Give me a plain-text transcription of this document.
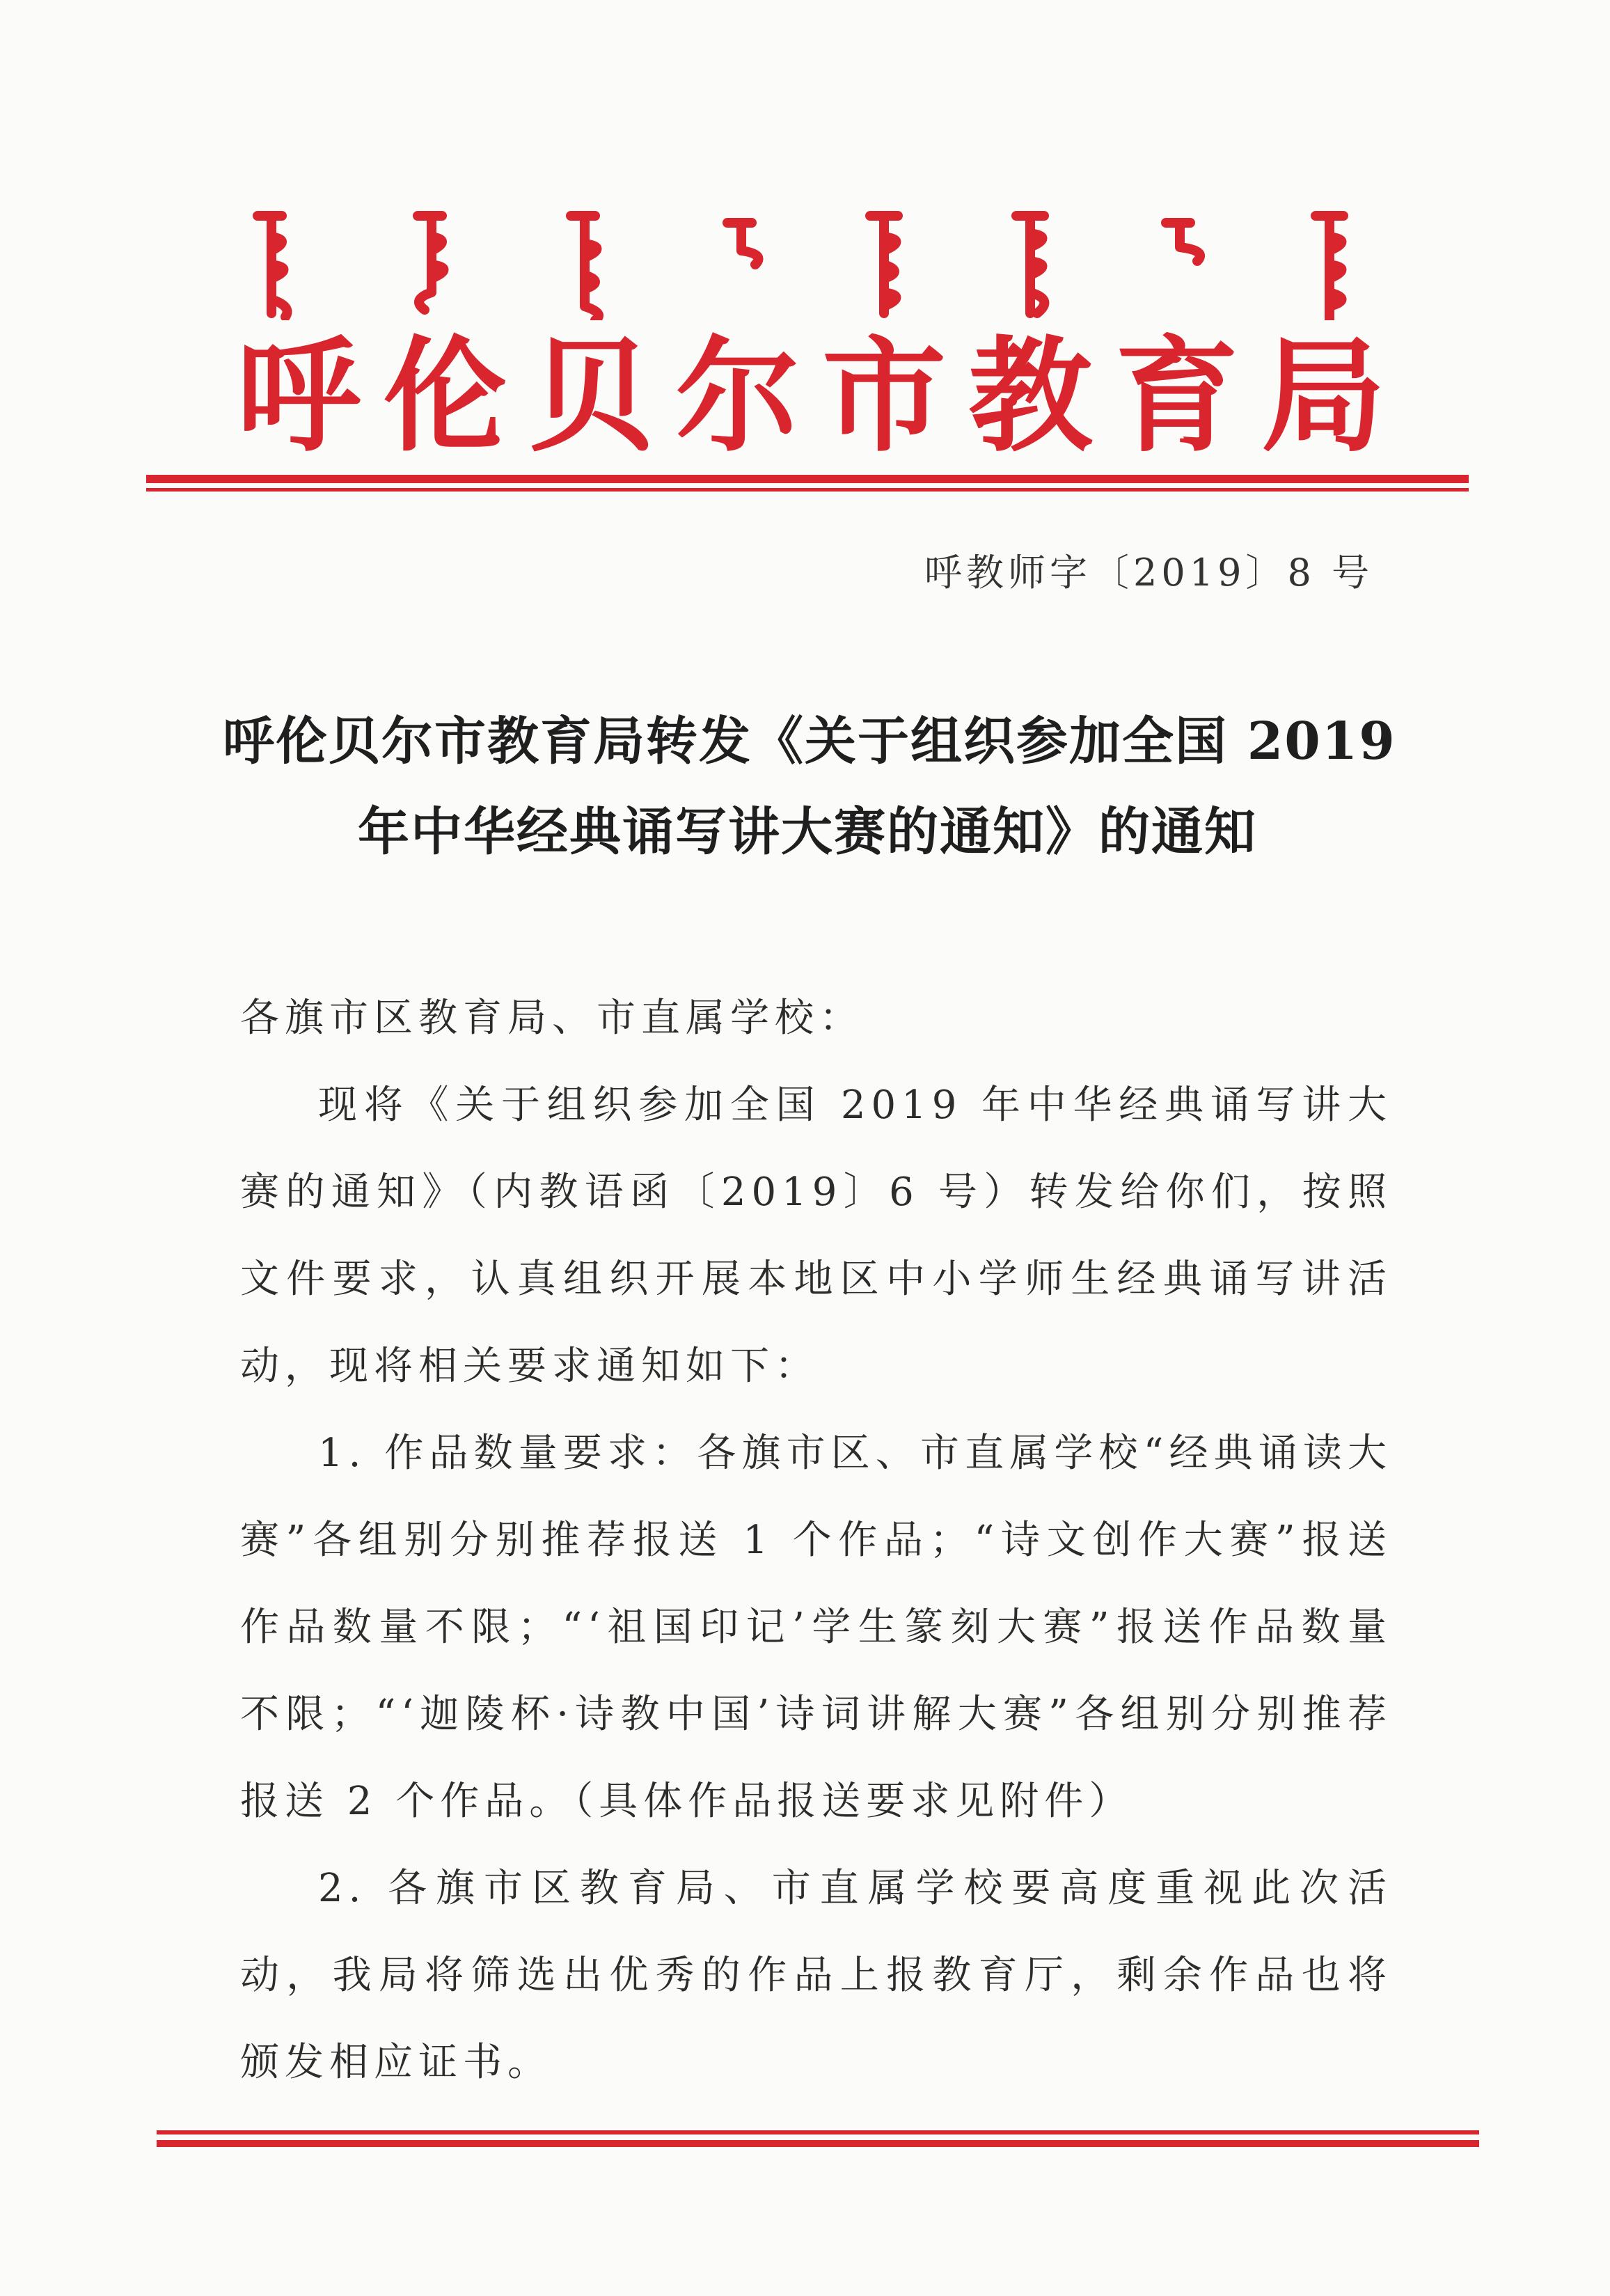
呼 伦 贝 尔 市 教 育 局
呼教师字〔2019〕8 号
呼伦贝尔市教育局转发《关于组织参加全国 2019
年中华经典诵写讲大赛的通知》的通知

各旗市区教育局、市直属学校：

现将《关于组织参加全国 2019 年中华经典诵写讲大赛的通知》（内教语函〔2019〕6 号）转发给你们，按照文件要求，认真组织开展本地区中小学师生经典诵写讲活动，现将相关要求通知如下：

1. 作品数量要求：各旗市区、市直属学校“经典诵读大赛”各组别分别推荐报送 1 个作品；“诗文创作大赛”报送作品数量不限；“‘祖国印记’学生篆刻大赛”报送作品数量不限；“‘迦陵杯·诗教中国’诗词讲解大赛”各组别分别推荐报送 2 个作品。（具体作品报送要求见附件）

2. 各旗市区教育局、市直属学校要高度重视此次活动，我局将筛选出优秀的作品上报教育厅，剩余作品也将颁发相应证书。
